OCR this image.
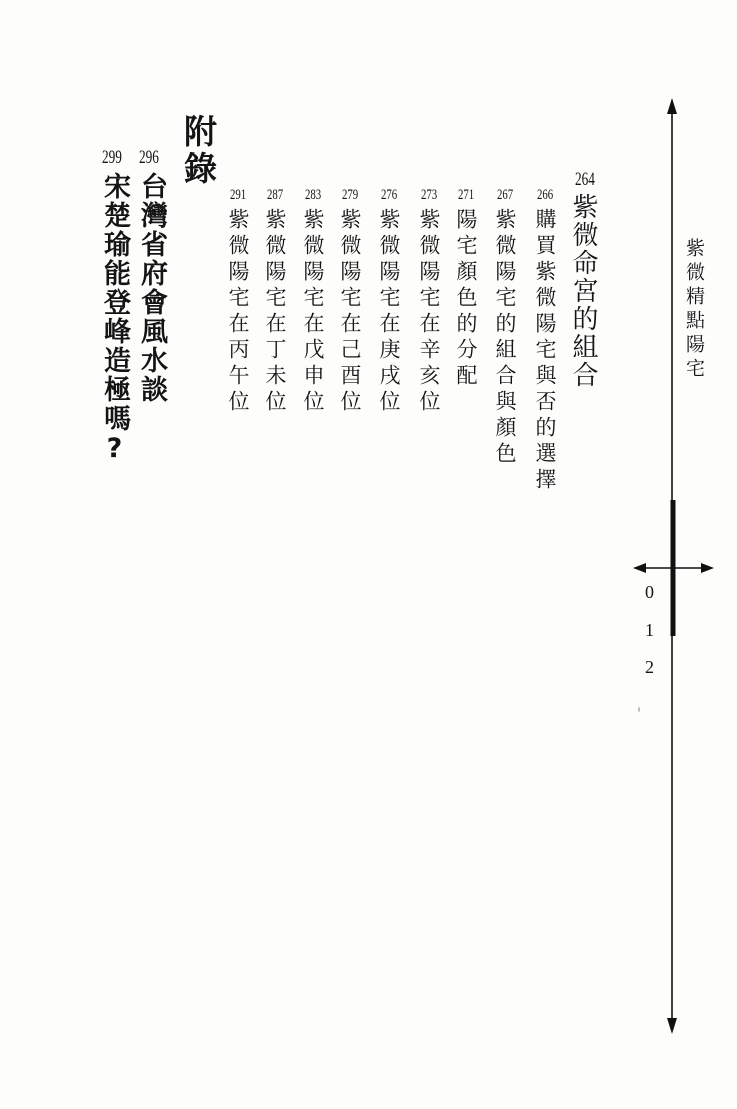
紫微精點陽宅
0
1
2
264
紫微命宮的組合
266
購買紫微陽宅與否的選擇
267
紫微陽宅的組合與顏色
271
陽宅顏色的分配
273
紫微陽宅在辛亥位
276
紫微陽宅在庚戌位
279
紫微陽宅在己酉位
283
紫微陽宅在戊申位
287
紫微陽宅在丁未位
291
紫微陽宅在丙午位
附錄
296
台灣省府會風水談
299
宋楚瑜能登峰造極嗎?
